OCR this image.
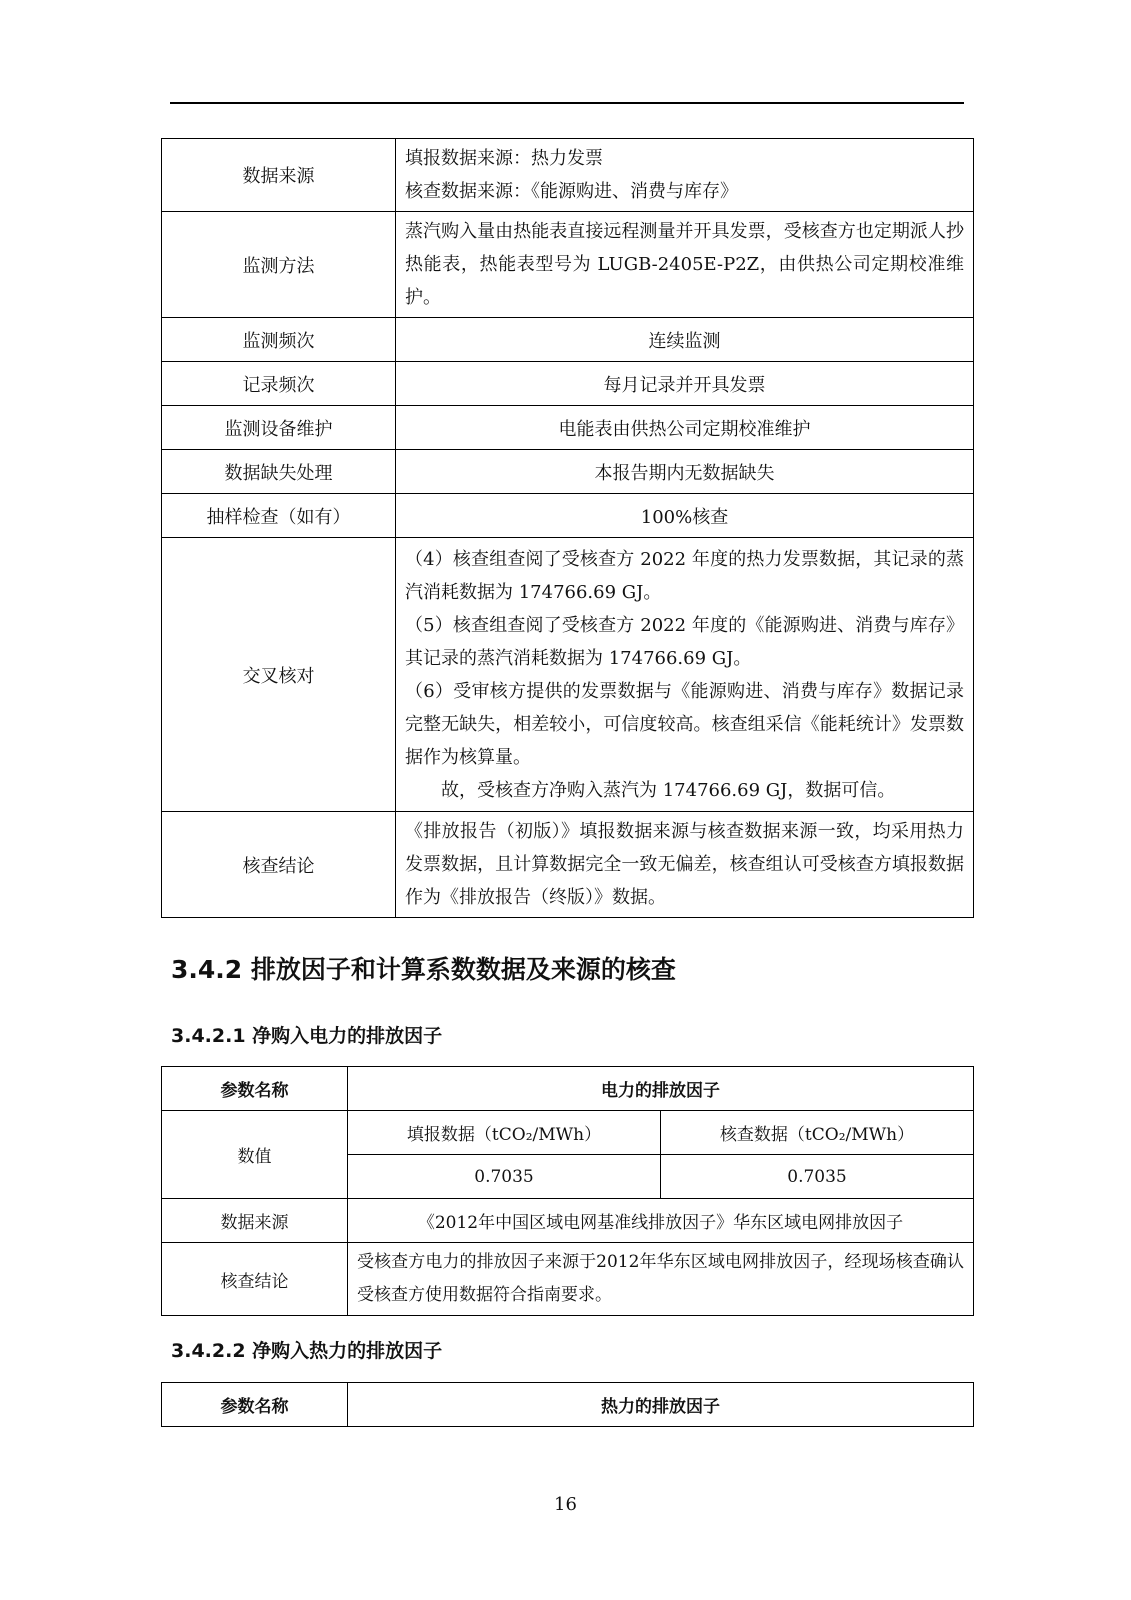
数据来源	填报数据来源：热力发票

核查数据来源：《能源购进、消费与库存》

监测方法	蒸汽购入量由热能表直接远程测量并开具发票，受核查方也定期派人抄热能表，热能表型号为 LUGB-2405E-P2Z，由供热公司定期校准维护。
监测频次	连续监测
记录频次	每月记录并开具发票
监测设备维护	电能表由供热公司定期校准维护
数据缺失处理	本报告期内无数据缺失
抽样检查（如有）	100%核查
交叉核对	（4）核查组查阅了受核查方 2022 年度的热力发票数据，其记录的蒸汽消耗数据为 174766.69 GJ。

（5）核查组查阅了受核查方 2022 年度的《能源购进、消费与库存》其记录的蒸汽消耗数据为 174766.69 GJ。

（6）受审核方提供的发票数据与《能源购进、消费与库存》数据记录完整无缺失，相差较小，可信度较高。核查组采信《能耗统计》发票数据作为核算量。

故，受核查方净购入蒸汽为 174766.69 GJ，数据可信。

核查结论	《排放报告（初版）》填报数据来源与核查数据来源一致，均采用热力发票数据，且计算数据完全一致无偏差，核查组认可受核查方填报数据作为《排放报告（终版）》数据。
3.4.2 排放因子和计算系数数据及来源的核查
3.4.2.1 净购入电力的排放因子
参数名称	电力的排放因子	
数值	填报数据（tCO₂/MWh）	核查数据（tCO₂/MWh）
	0.7035	0.7035
数据来源	《2012年中国区域电网基准线排放因子》华东区域电网排放因子	
核查结论	受核查方电力的排放因子来源于2012年华东区域电网排放因子，经现场核查确认受核查方使用数据符合指南要求。	
3.4.2.2 净购入热力的排放因子
参数名称	热力的排放因子
16
